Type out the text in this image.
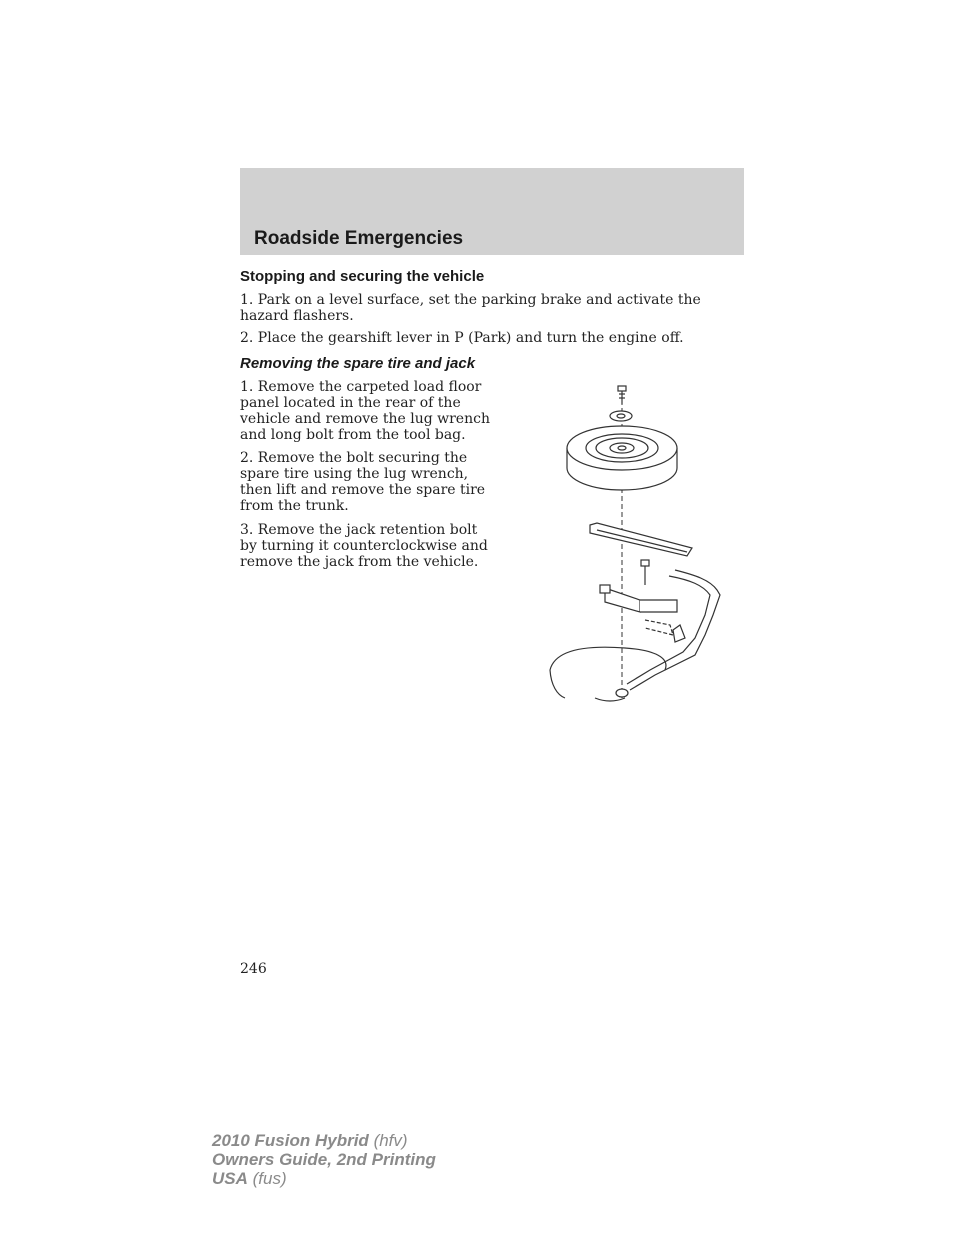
Roadside Emergencies
Stopping and securing the vehicle

1. Park on a level surface, set the parking brake and activate the hazard flashers.

2. Place the gearshift lever in P (Park) and turn the engine off.

Removing the spare tire and jack

1. Remove the carpeted load floor panel located in the rear of the vehicle and remove the lug wrench and long bolt from the tool bag.

2. Remove the bolt securing the spare tire using the lug wrench, then lift and remove the spare tire from the trunk.

3. Remove the jack retention bolt by turning it counterclockwise and remove the jack from the vehicle.

246
2010 Fusion Hybrid (hfv)
Owners Guide, 2nd Printing
USA (fus)
